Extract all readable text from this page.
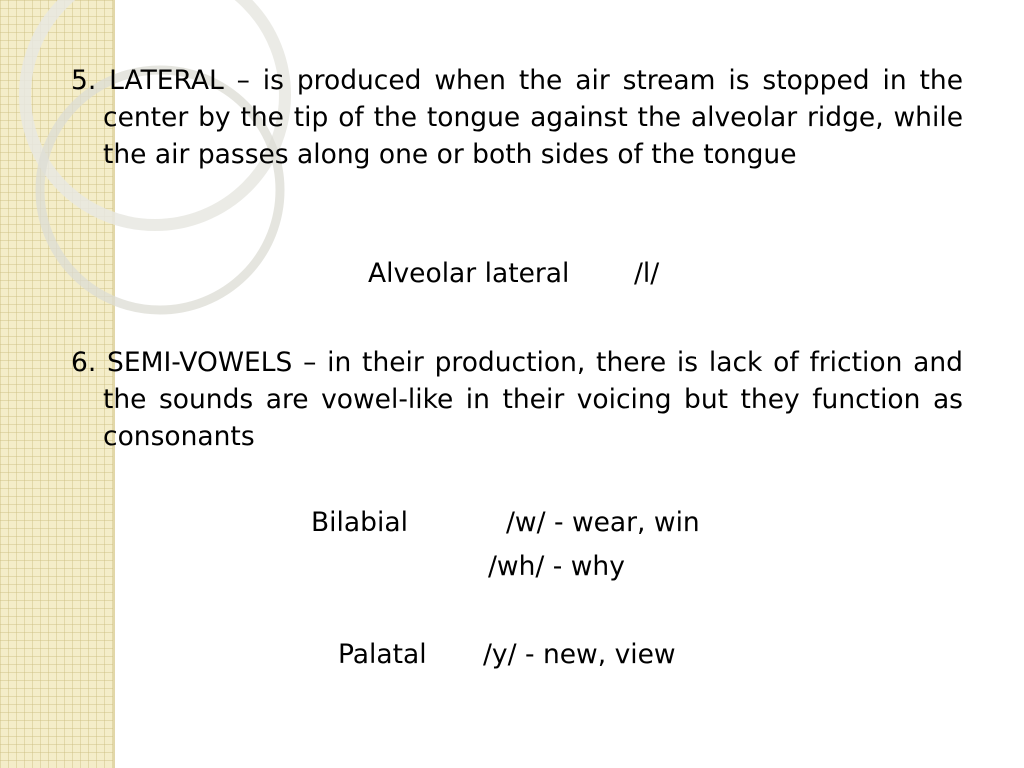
5. LATERAL – is produced when the air stream is stopped in the center by the tip of the tongue against the alveolar ridge, while the air passes along one or both sides of the tongue
Alveolar lateral /l/
6. SEMI-VOWELS – in their production, there is lack of friction and the sounds are vowel-like in their voicing but they function as consonants
Bilabial	/w/ - wear, win
/wh/ - why
Palatal /y/ - new, view
